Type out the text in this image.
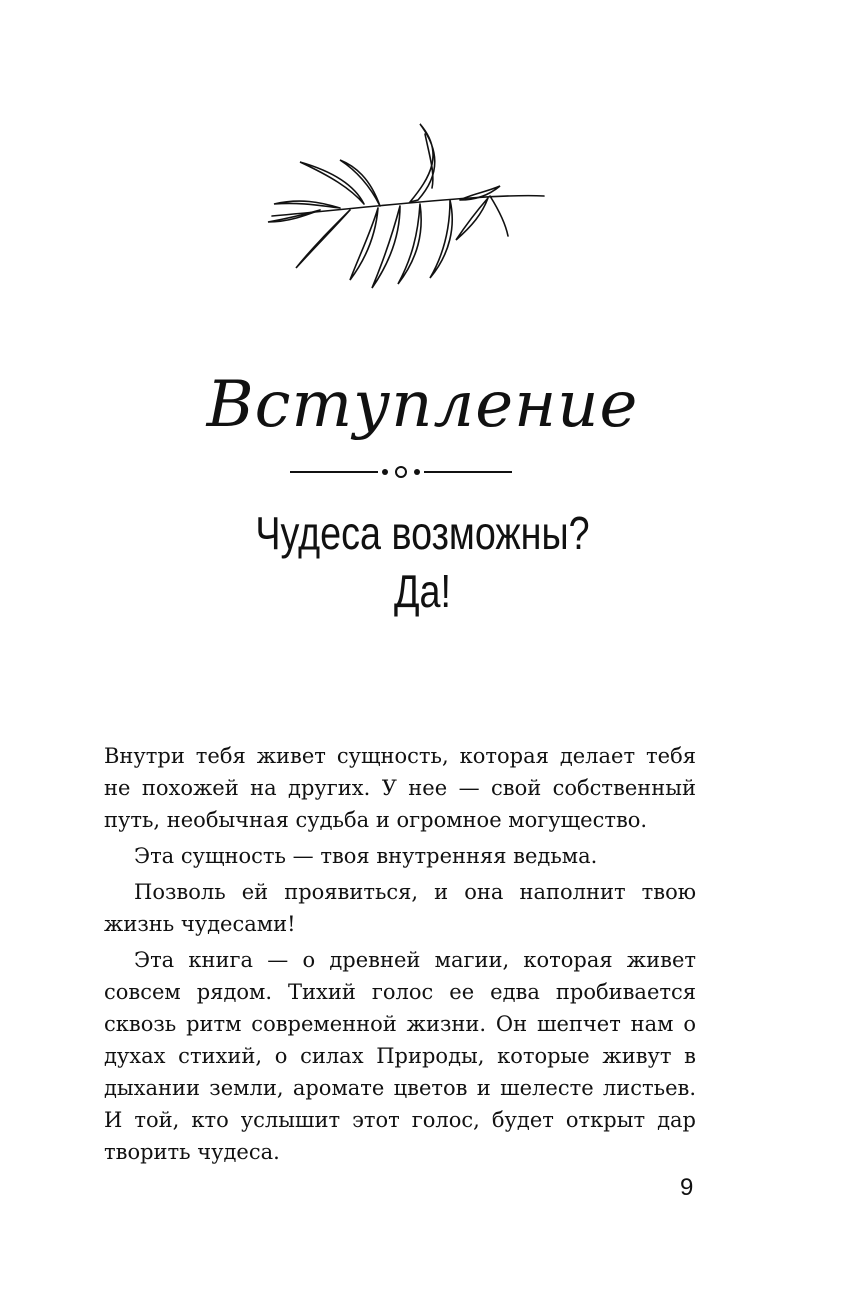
Вступление
Чудеса возможны?
Да!

Внутри тебя живет сущность, которая делает тебя не похожей на других. У нее — свой собственный путь, необычная судьба и огромное могущество.

Эта сущность — твоя внутренняя ведьма.

Позволь ей проявиться, и она наполнит твою жизнь чудесами!

Эта книга — о древней магии, которая живет совсем рядом. Тихий голос ее едва пробивается сквозь ритм современной жизни. Он шепчет нам о духах стихий, о силах Природы, которые живут в дыхании земли, аромате цветов и шелесте листьев. И той, кто услышит этот голос, будет открыт дар творить чудеса.

9
